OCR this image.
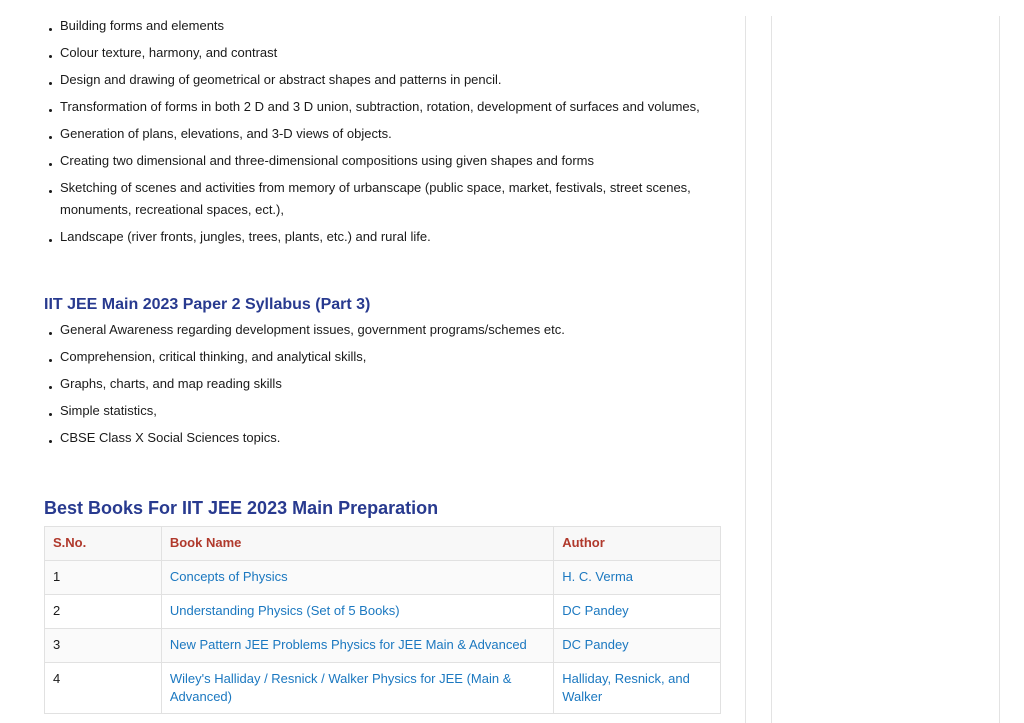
Building forms and elements
Colour texture, harmony, and contrast
Design and drawing of geometrical or abstract shapes and patterns in pencil.
Transformation of forms in both 2 D and 3 D union, subtraction, rotation, development of surfaces and volumes,
Generation of plans, elevations, and 3-D views of objects.
Creating two dimensional and three-dimensional compositions using given shapes and forms
Sketching of scenes and activities from memory of urbanscape (public space, market, festivals, street scenes, monuments, recreational spaces, ect.),
Landscape (river fronts, jungles, trees, plants, etc.) and rural life.
IIT JEE Main 2023 Paper 2 Syllabus (Part 3)
General Awareness regarding development issues, government programs/schemes etc.
Comprehension, critical thinking, and analytical skills,
Graphs, charts, and map reading skills
Simple statistics,
CBSE Class X Social Sciences topics.
Best Books For IIT JEE 2023 Main Preparation
S.No.	Book Name	Author
1	Concepts of Physics	H. C. Verma
2	Understanding Physics (Set of 5 Books)	DC Pandey
3	New Pattern JEE Problems Physics for JEE Main & Advanced	DC Pandey
4	Wiley's Halliday / Resnick / Walker Physics for JEE (Main & Advanced)	Halliday, Resnick, and Walker
